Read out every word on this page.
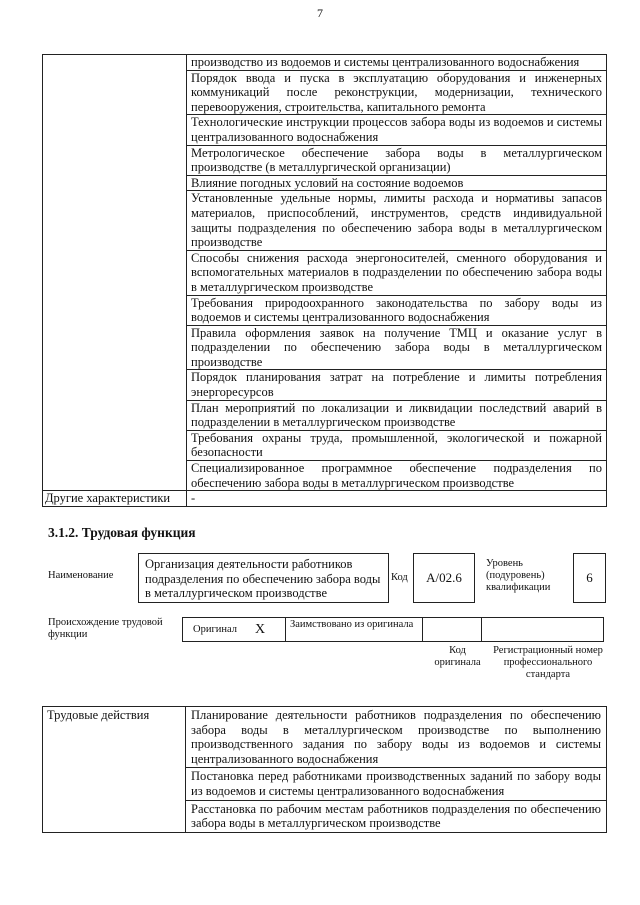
7
	производство из водоемов и системы централизованного водоснабжения
	Порядок ввода и пуска в эксплуатацию оборудования и инженерных коммуникаций после реконструкции, модернизации, технического перевооружения, строительства, капитального ремонта
	Технологические инструкции процессов забора воды из водоемов и системы централизованного водоснабжения
	Метрологическое обеспечение забора воды в металлургическом производстве (в металлургической организации)
	Влияние погодных условий на состояние водоемов
	Установленные удельные нормы, лимиты расхода и нормативы запасов материалов, приспособлений, инструментов, средств индивидуальной защиты подразделения по обеспечению забора воды в металлургическом производстве
	Способы снижения расхода энергоносителей, сменного оборудования и вспомогательных материалов в подразделении по обеспечению забора воды в металлургическом производстве
	Требования природоохранного законодательства по забору воды из водоемов и системы централизованного водоснабжения
	Правила оформления заявок на получение ТМЦ и оказание услуг в подразделении по обеспечению забора воды в металлургическом производстве
	Порядок планирования затрат на потребление и лимиты потребления энергоресурсов
	План мероприятий по локализации и ликвидации последствий аварий в подразделении в металлургическом производстве
	Требования охраны труда, промышленной, экологической и пожарной безопасности
	Специализированное программное обеспечение подразделения по обеспечению забора воды в металлургическом производстве
Другие характеристики	-
3.1.2. Трудовая функция
Наименование
Организация деятельности работников подразделения по обеспечению забора воды в металлургическом производстве
Код	A/02.6
Уровень (подуровень) квалификации
6
Происхождение трудовой функции	Оригинал X	Заимствовано из оригинала
Код оригинала
Регистрационный номер профессионального стандарта
Трудовые действия	Планирование деятельности работников подразделения по обеспечению забора воды в металлургическом производстве по выполнению производственного задания по забору воды из водоемов и системы централизованного водоснабжения
Постановка перед работниками производственных заданий по забору воды из водоемов и системы централизованного водоснабжения
Расстановка по рабочим местам работников подразделения по обеспечению забора воды в металлургическом производстве
